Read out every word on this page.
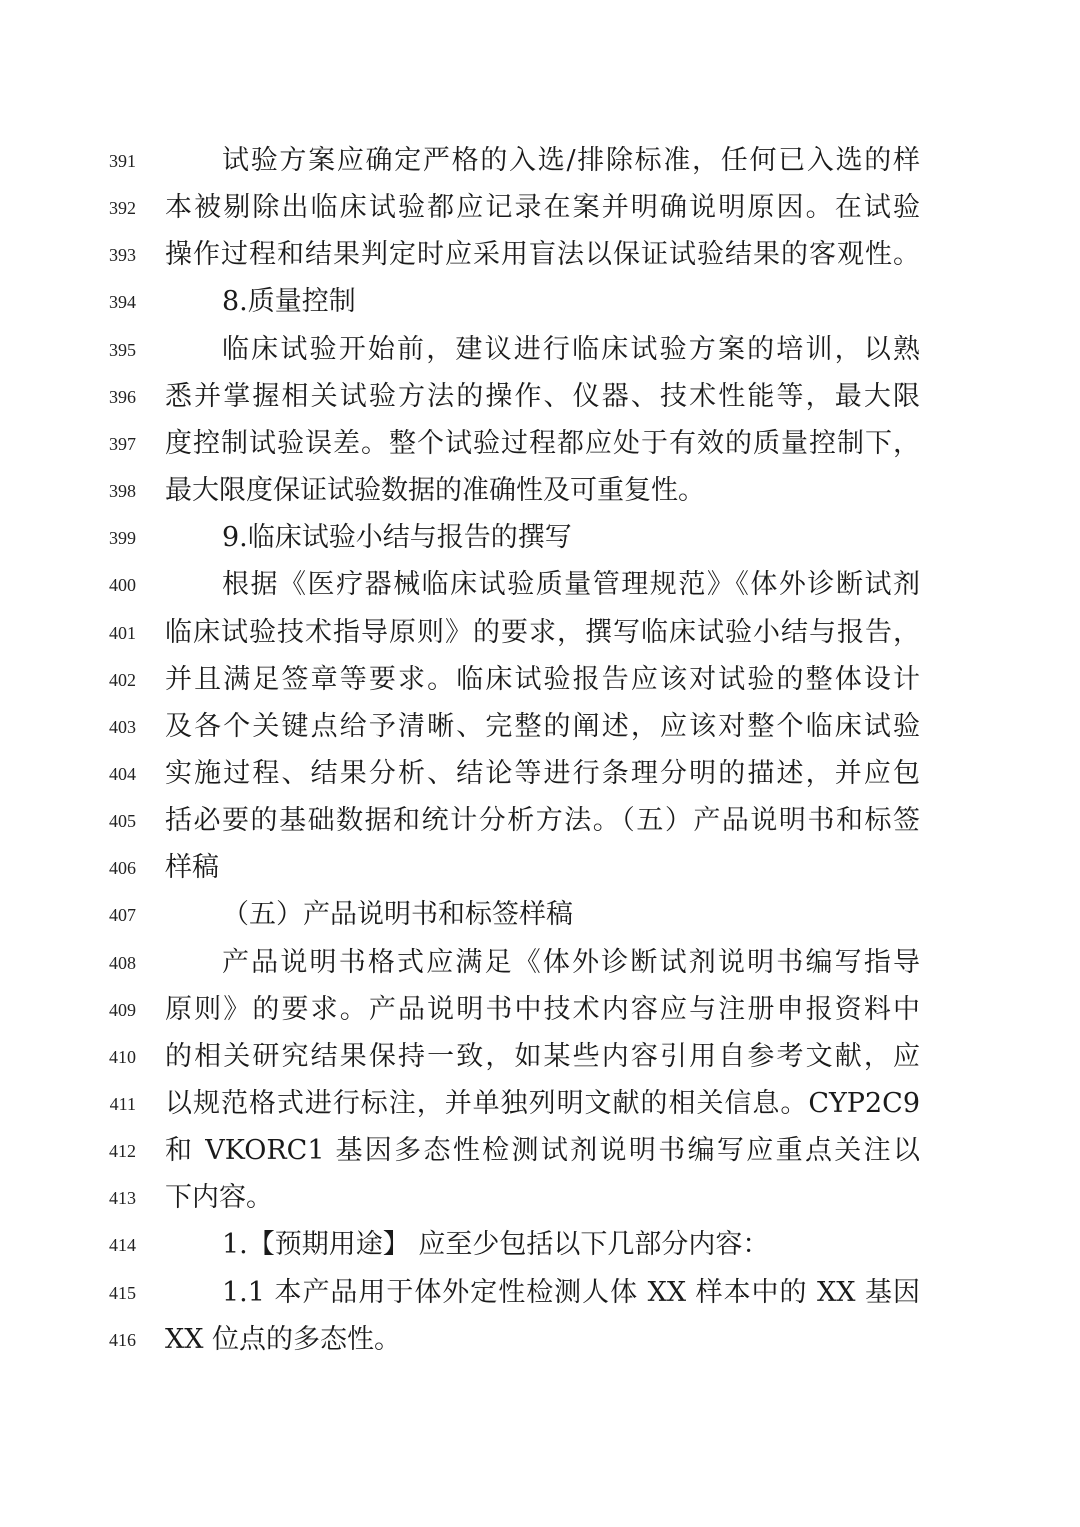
391	试验方案应确定严格的入选/排除标准，任何已入选的样
392 本被剔除出临床试验都应记录在案并明确说明原因。在试验
393 操作过程和结果判定时应采用盲法以保证试验结果的客观性。
394	8.质量控制
395	临床试验开始前，建议进行临床试验方案的培训，以熟
396 悉并掌握相关试验方法的操作、仪器、技术性能等，最大限
397 度控制试验误差。整个试验过程都应处于有效的质量控制下，
398 最大限度保证试验数据的准确性及可重复性。
399	9.临床试验小结与报告的撰写
400	根据《医疗器械临床试验质量管理规范》《体外诊断试剂
401 临床试验技术指导原则》的要求，撰写临床试验小结与报告，
402 并且满足签章等要求。临床试验报告应该对试验的整体设计
403 及各个关键点给予清晰、完整的阐述，应该对整个临床试验
404 实施过程、结果分析、结论等进行条理分明的描述，并应包
405 括必要的基础数据和统计分析方法。（五）产品说明书和标签
406 样稿
407	（五）产品说明书和标签样稿
408	产品说明书格式应满足《体外诊断试剂说明书编写指导
409 原则》的要求。产品说明书中技术内容应与注册申报资料中
410 的相关研究结果保持一致，如某些内容引用自参考文献，应
411 以规范格式进行标注，并单独列明文献的相关信息。CYP2C9
412 和 VKORC1 基因多态性检测试剂说明书编写应重点关注以
413 下内容。
414	1.【预期用途】 应至少包括以下几部分内容：
415	1.1 本产品用于体外定性检测人体 XX 样本中的 XX 基因
416 XX 位点的多态性。
